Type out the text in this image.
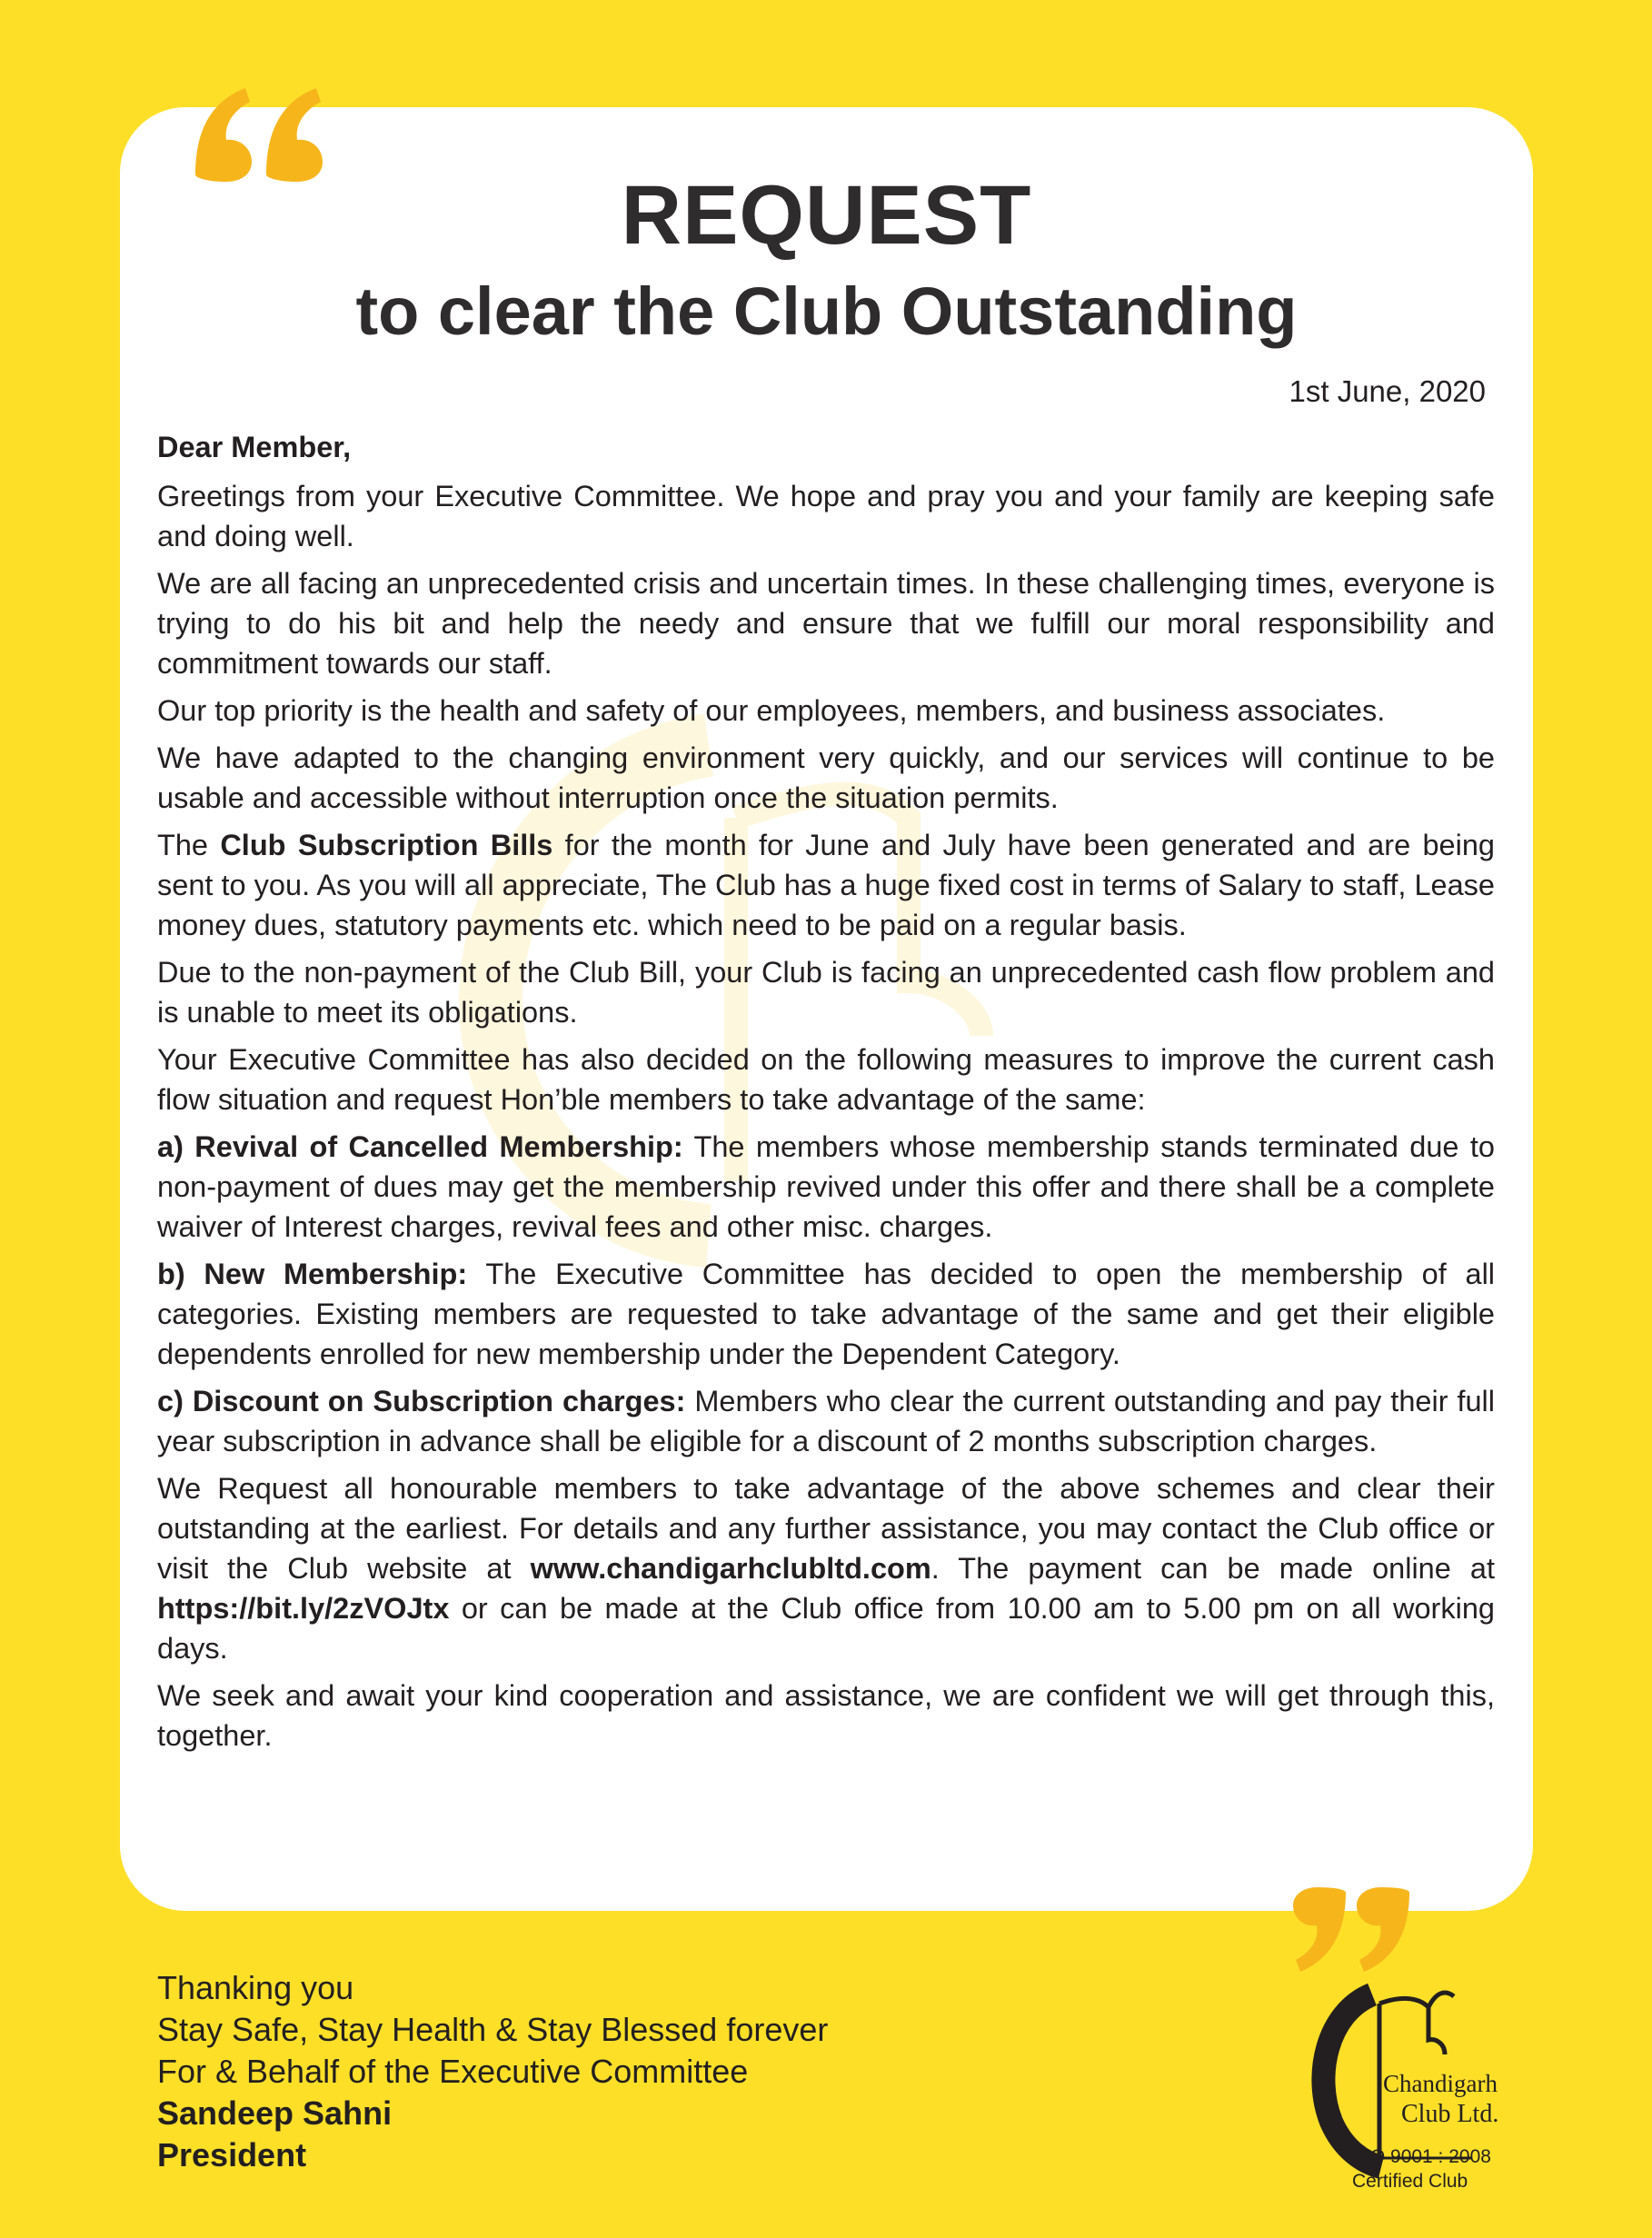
REQUEST
to clear the Club Outstanding
1st June, 2020

Dear Member,

Greetings from your Executive Committee. We hope and pray you and your family are keeping safe and doing well.

We are all facing an unprecedented crisis and uncertain times. In these challenging times, everyone is trying to do his bit and help the needy and ensure that we fulfill our moral responsibility and commitment towards our staff.

Our top priority is the health and safety of our employees, members, and business associates.

We have adapted to the changing environment very quickly, and our services will continue to be usable and accessible without interruption once the situation permits.

The Club Subscription Bills for the month for June and July have been generated and are being sent to you. As you will all appreciate, The Club has a huge fixed cost in terms of Salary to staff, Lease money dues, statutory payments etc. which need to be paid on a regular basis.

Due to the non-payment of the Club Bill, your Club is facing an unprecedented cash flow problem and is unable to meet its obligations.

Your Executive Committee has also decided on the following measures to improve the current cash flow situation and request Hon’ble members to take advantage of the same:

a) Revival of Cancelled Membership: The members whose membership stands terminated due to non-payment of dues may get the membership revived under this offer and there shall be a complete waiver of Interest charges, revival fees and other misc. charges.

b) New Membership: The Executive Committee has decided to open the membership of all categories. Existing members are requested to take advantage of the same and get their eligible dependents enrolled for new membership under the Dependent Category.

c) Discount on Subscription charges: Members who clear the current outstanding and pay their full year subscription in advance shall be eligible for a discount of 2 months subscription charges.

We Request all honourable members to take advantage of the above schemes and clear their outstanding at the earliest. For details and any further assistance, you may contact the Club office or visit the Club website at www.chandigarhclubltd.com. The payment can be made online at https://bit.ly/2zVOJtx or can be made at the Club office from 10.00 am to 5.00 pm on all working days.

We seek and await your kind cooperation and assistance, we are confident we will get through this, together.

Thanking you
Stay Safe, Stay Health & Stay Blessed forever
For & Behalf of the Executive Committee
Sandeep Sahni
President
Chandigarh
Club Ltd.
ISO 9001 : 2008
Certified Club
